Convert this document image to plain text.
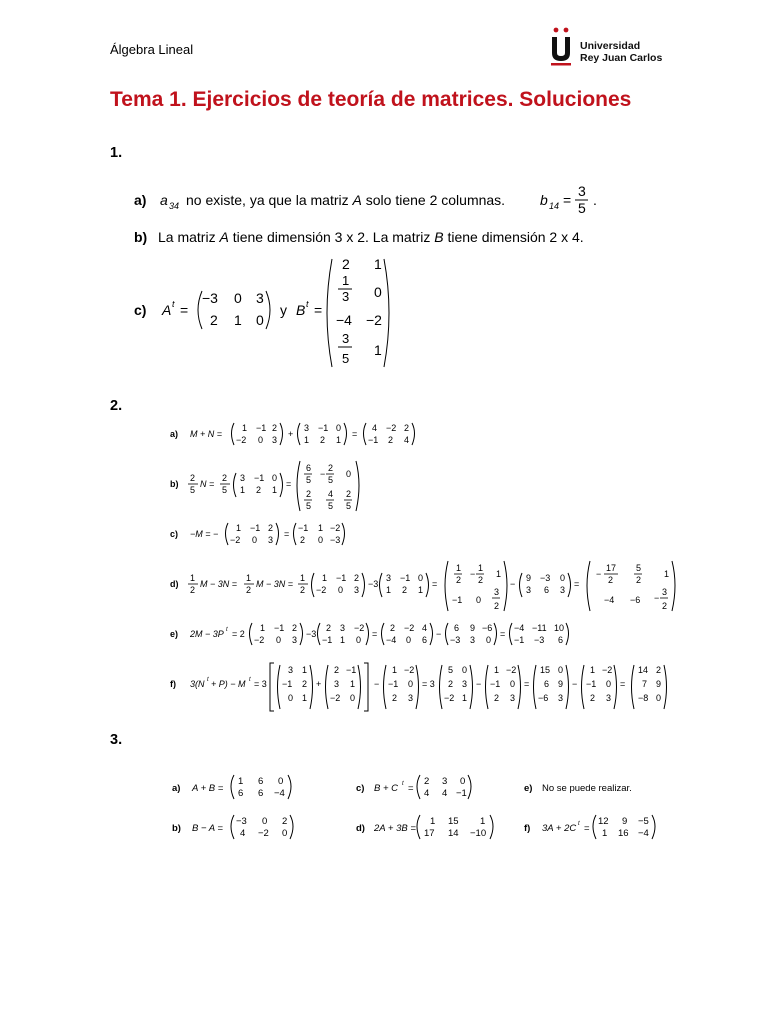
Álgebra Lineal	Universidad
Rey Juan Carlos
Tema 1. Ejercicios de teoría de matrices. Soluciones
1.
a) a 34 no existe, ya que la matriz A solo tiene 2 columnas. b 14 =
3
5 .
b) La matriz A tiene dimensión 3 x 2. La matriz B tiene dimensión 2 x 4.
c) A t =
−3 0 3
2 1 0
y B t =
2 1
1
3 0
−4 −2
3
5
1
2.
a) M + N =
1 −1 2
−2 0 3
+
3 −1 0
1 2 1
=
4 −2 2
−1 2 4
b)
2
5
N =
2
5
3 −1 0
1 2 1
=
6
5
−
2
5
0
2
5
4
5
2
5
c) −M = −
1 −1 2
−2 0 3
=
−1 1 −2
2 0 −3
d)
1
2
M − 3N =
1
2
M − 3N =
1
2
1 −1 2
−2 0 3
−3
3 −1 0
1 2 1
=
1
2
−
1
2
1
−1 0
3
2
−
9 −3 0
3 6 3
=
−
17
2
5
2
1
−4 −6 −
3
2
e) 2M − 3P t = 2
1 −1 2
−2 0 3
−3
2 3 −2
−1 1 0
=
2 −2 4
−4 0 6
−
6 9 −6
−3 3 0
=
−4 −11 10
−1 −3 6
f) 3(N t + P) − M t = 3
3 1
−1 2
0 1
+
2 −1
3 1
−2 0
−
1 −2
−1 0
2 3
= 3
5 0
2 3
−2 1
−
1 −2
−1 0
2 3
=
15 0
6 9
−6 3
−
1 −2
−1 0
2 3
=
14 2
7 9
−8 0
3.
a) A + B =
1 6 0
6 6 −4
b) B − A =
−3 0 2
4 −2 0
c) B + C t =
2 3 0
4 4 −1
d) 2A + 3B =
1 15 1
17 14 −10
e) No se puede realizar.
f) 3A + 2C t =
12 9 −5
1 16 −4
